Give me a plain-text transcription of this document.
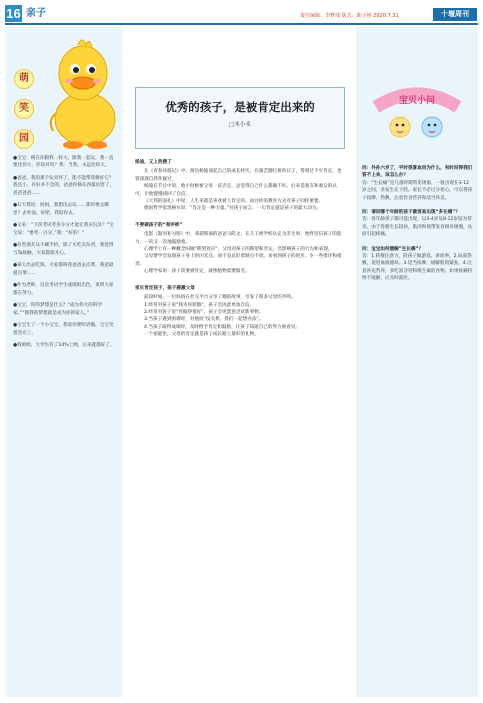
16 亲子	责任编辑：李梦琦 版式：陈小艳 2020.7.31	十堰周刊
萌
笑
园

●宝宝：现在你跟我一样大，跟我一起玩。我一直要比你大，你说对吗？我：当然，永远比你大。

●爸爸，我的那个玩具坏了，能不能帮我修好它？我还小，有好多不会的，爸爸你修东西最厉害了，爸爸爸爸……

●有天我说：妈妈，我想出去玩……那你要去哪里？去外面。好吧，我陪你去。

●又来：“下次考试考多少分才能让我买玩具？”宝宝说：“要考一百分。”我：“好的！”

●有些朋友从不刷手机，除了买吃卖东西，我觉得与Ta接触，大家都很开心。

●某天出去吃饭，大家都叫我爸爸去点菜，我爸最爱点菜……

●作为老师，这次考试学生成绩很出色，说明大家都在努力。

●宝宝，你的梦想是什么？“成为伟大的科学家。”“那我的梦想就是成为你的家人。”

●宝宝生了一个小宝宝，我说你要听话哦，宝宝笑着答应了。

●我姐姐，大学生有了14%上网，后来就都好了。

优秀的孩子，是被肯定出来的
□木小禾
杨迪，又上热搜了

在《青春环游记》中，演员杨迪谈起自己的成长经历，在演艺圈打拼的日子，得到过不少肯定，也曾深深自我怀疑过。

杨迪在节目中说，他小时候被父母一直否定，总觉得自己什么都做不好。后来是朋友和观众的认可，让他慢慢找回了自信。

《大伟的面孔》中说：人生来就是喜欢被人肯定的，而这样的教育方式对孩子同样重要。

德国哲学家黑格尔说：“肯定是一种力量。”对孩子而言，一句肯定就是孩子的最大动力。

不要做孩子的“差评师”

电影《银河补习班》中，邓超饰演的爸爸马皓文，在儿子被学校认定为差生时，始终坚信孩子的能力，一次又一次地鼓励他。

心理学上有一种概念叫做“期望效应”，父母对孩子的期望和肯定，会影响孩子的行为和表现。

父母要学会发现孩子身上的闪光点，而不是总盯着缺点不放。多看到孩子的进步，少一些批评和指责。

心理学家说：孩子需要被肯定，就像植物需要阳光。

家长肯定孩子，孩子感激父母

前段时间，一位妈妈在社交平台分享了她的故事，引发了很多父母的共鸣。

1.经常对孩子说“我为你骄傲”，孩子会因此更加自信。

2.经常对孩子说“你做得很好”，孩子会更愿意尝试新事物。

3.当孩子遇到困难时，对他说“没关系，我们一起想办法”。

4.当孩子取得成绩时，及时给予肯定和鼓励，让孩子知道自己的努力被看见。

一个家庭里，父母的肯定就是孩子成长路上最好的礼物。

宝贝小问

问：外孙六岁了，平时很喜欢问为什么，有时问得我们答不上来，该怎么办？

答：“生长痛”是儿童时期常见现象，一般出现在3-12岁之间，多发生在下肢。家长不必过分担心，可以帮孩子按摩、热敷，注意饮食营养和适当休息。

问：请问哪个年龄的孩子最容易出现“多长痛”？

答：各年龄孩子都可能出现，以3-4岁及8-12岁较为常见。由于骨骼生长较快，肌肉和韧带发育相对缓慢，从而引起疼痛。

问：宝宝如何缓解“生长痛”？

答：1.转移注意力，陪孩子做游戏、讲故事。2.局部热敷，促进血液循环。3.适当按摩，缓解肌肉紧张。4.注意补充营养，多吃富含钙和维生素的食物。如果疼痛持续不缓解，应及时就医。
